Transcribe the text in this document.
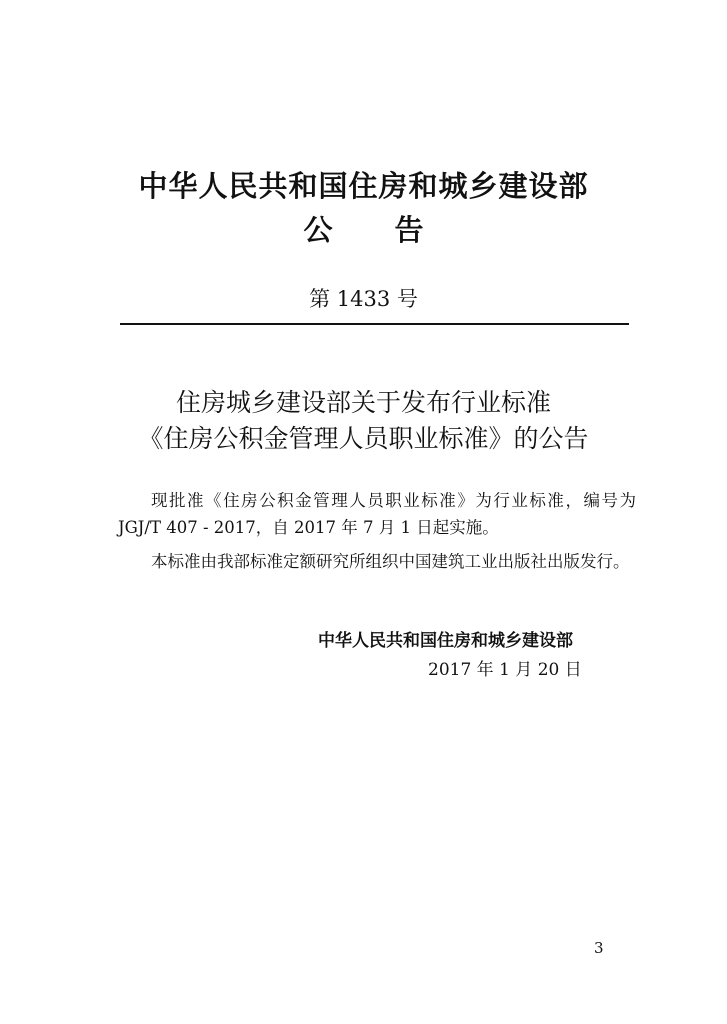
中华人民共和国住房和城乡建设部
公告
第 1433 号
住房城乡建设部关于发布行业标准
《住房公积金管理人员职业标准》的公告

现批准《住房公积金管理人员职业标准》为行业标准，编号为 JGJ/T 407 - 2017，自 2017 年 7 月 1 日起实施。

本标准由我部标准定额研究所组织中国建筑工业出版社出版发行。

中华人民共和国住房和城乡建设部
2017 年 1 月 20 日
3
